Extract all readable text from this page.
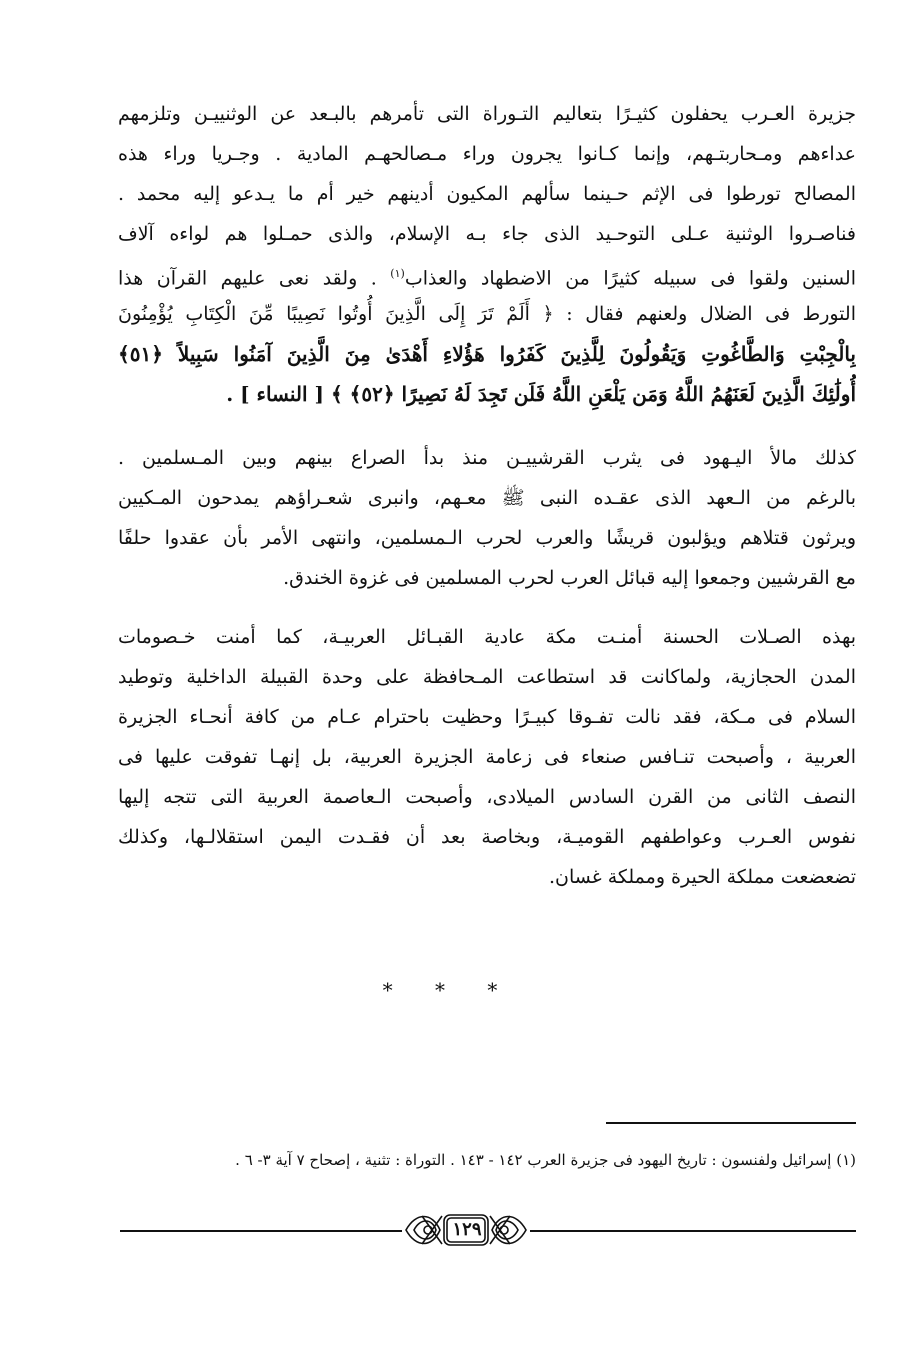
جزيرة العـرب يحفلون كثيـرًا بتعاليم التـوراة التى تأمرهم بالبـعد عن الوثنييـن وتلزمهم
عداءهم ومـحاربتـهم، وإنما كـانوا يجرون وراء مـصالحهـم المادية . وجـريا وراء هذه
المصالح تورطوا فى الإثم حـينما سألهم المكيون أدينهم خير أم ما يـدعو إليه محمد .
فناصـروا الوثنية عـلى التوحـيد الذى جاء بـه الإسلام، والذى حمـلوا هم لواءه آلاف
السنين ولقوا فى سبيله كثيرًا من الاضطهاد والعذاب$^{(١)}$ . ولقد نعى عليهم القرآن هذا
التورط فى الضلال ولعنهم فقال : ﴿ أَلَمْ تَرَ إِلَى الَّذِينَ أُوتُوا نَصِيبًا مِّنَ الْكِتَابِ يُؤْمِنُونَ
بِالْجِبْتِ وَالطَّاغُوتِ وَيَقُولُونَ لِلَّذِينَ كَفَرُوا هَؤُلاءِ أَهْدَىٰ مِنَ الَّذِينَ آمَنُوا سَبِيلاً ﴿٥١﴾
أُولَٰئِكَ الَّذِينَ لَعَنَهُمُ اللَّهُ وَمَن يَلْعَنِ اللَّهُ فَلَن تَجِدَ لَهُ نَصِيرًا ﴿٥٢﴾ ﴾ [ النساء ] .
كذلك مالأ اليـهود فى يثرب القرشييـن منذ بدأ الصراع بينهم وبين المـسلمين .
بالرغم من الـعهد الذى عقـده النبى ﷺ معـهم، وانبرى شعـراؤهم يمدحون المـكيين
ويرثون قتلاهم ويؤلبون قريشًا والعرب لحرب الـمسلمين، وانتهى الأمر بأن عقدوا حلفًا
مع القرشيين وجمعوا إليه قبائل العرب لحرب المسلمين فى غزوة الخندق.
بهذه الصـلات الحسنة أمنـت مكة عادية القبـائل العربيـة، كما أمنت خـصومات
المدن الحجازية، ولماكانت قد استطاعت المـحافظة على وحدة القبيلة الداخلية وتوطيد
السلام فى مـكة، فقد نالت تفـوقا كبيـرًا وحظيت باحترام عـام من كافة أنحـاء الجزيرة
العربية ، وأصبحت تنـافس صنعاء فى زعامة الجزيرة العربية، بل إنهـا تفوقت عليها فى
النصف الثانى من القرن السادس الميلادى، وأصبحت الـعاصمة العربية التى تتجه إليها
نفوس العـرب وعواطفهم القوميـة، وبخاصة بعد أن فقـدت اليمن استقلالـها، وكذلك
تضعضعت مملكة الحيرة ومملكة غسان.
* * *
(١) إسرائيل ولفنسون : تاريخ اليهود فى جزيرة العرب ١٤٢ - ١٤٣ . التوراة : تثنية ، إصحاح ٧ آية ٣- ٦ .
١٢٩
